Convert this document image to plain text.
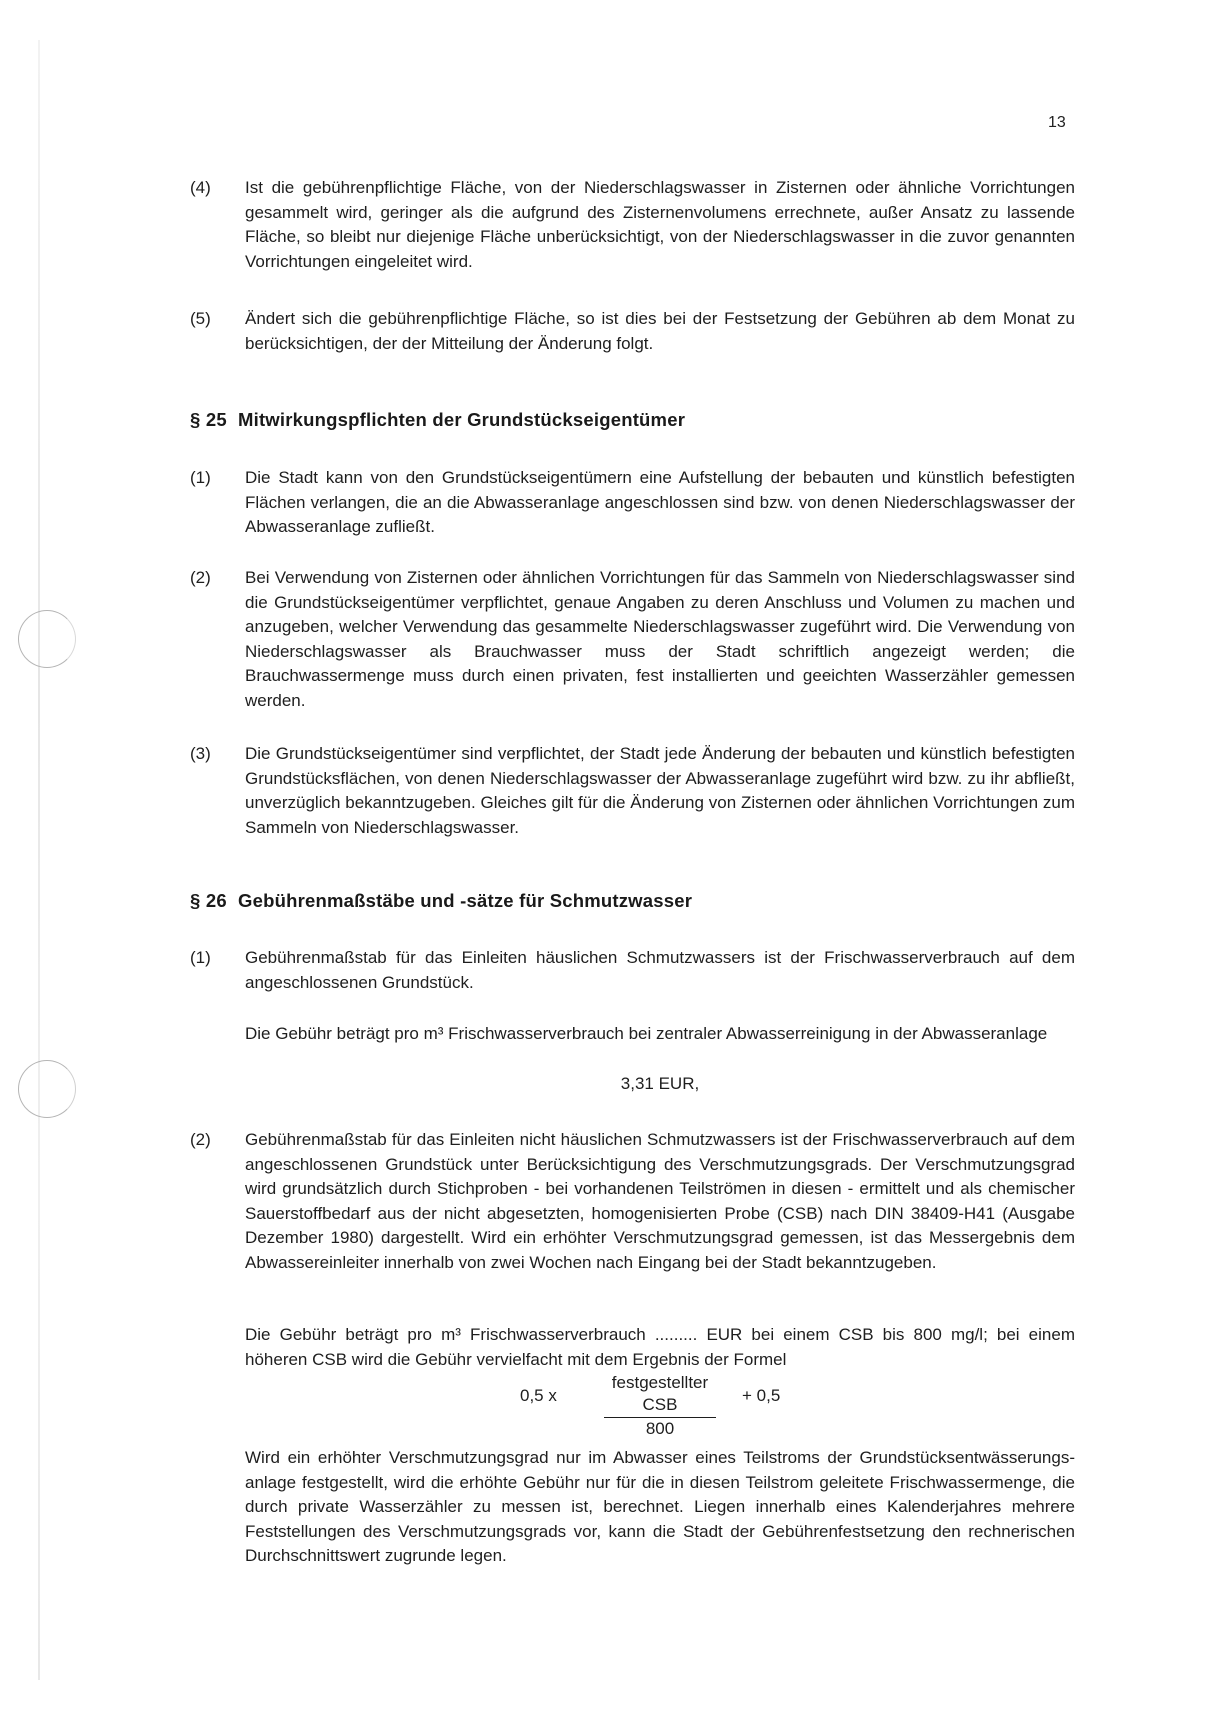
13
(4) Ist die gebührenpflichtige Fläche, von der Niederschlagswasser in Zisternen oder ähnliche Vorrichtungen gesammelt wird, geringer als die aufgrund des Zisternenvolumens errechnete, außer Ansatz zu lassende Fläche, so bleibt nur diejenige Fläche unberücksichtigt, von der Niederschlagswasser in die zuvor genannten Vorrichtungen eingeleitet wird.
(5) Ändert sich die gebührenpflichtige Fläche, so ist dies bei der Festsetzung der Gebühren ab dem Monat zu berücksichtigen, der der Mitteilung der Änderung folgt.
§ 25 Mitwirkungspflichten der Grundstückseigentümer
(1) Die Stadt kann von den Grundstückseigentümern eine Aufstellung der bebauten und künstlich befestigten Flächen verlangen, die an die Abwasseranlage angeschlossen sind bzw. von denen Niederschlagswasser der Abwasseranlage zufließt.
(2) Bei Verwendung von Zisternen oder ähnlichen Vorrichtungen für das Sammeln von Niederschlagswasser sind die Grundstückseigentümer verpflichtet, genaue Angaben zu deren Anschluss und Volumen zu machen und anzugeben, welcher Verwendung das gesammelte Niederschlagswasser zugeführt wird. Die Verwendung von Niederschlagswasser als Brauchwasser muss der Stadt schriftlich angezeigt werden; die Brauchwassermenge muss durch einen privaten, fest installierten und geeichten Wasserzähler gemessen werden.
(3) Die Grundstückseigentümer sind verpflichtet, der Stadt jede Änderung der bebauten und künstlich befestigten Grundstücksflächen, von denen Niederschlagswasser der Abwasseranlage zugeführt wird bzw. zu ihr abfließt, unverzüglich bekanntzugeben. Gleiches gilt für die Änderung von Zisternen oder ähnlichen Vorrichtungen zum Sammeln von Niederschlagswasser.
§ 26 Gebührenmaßstäbe und -sätze für Schmutzwasser
(1) Gebührenmaßstab für das Einleiten häuslichen Schmutzwassers ist der Frischwasserverbrauch auf dem angeschlossenen Grundstück.
Die Gebühr beträgt pro m³ Frischwasserverbrauch bei zentraler Abwasserreinigung in der Abwasseranlage
3,31 EUR,
(2) Gebührenmaßstab für das Einleiten nicht häuslichen Schmutzwassers ist der Frischwasserverbrauch auf dem angeschlossenen Grundstück unter Berücksichtigung des Verschmutzungsgrads. Der Verschmutzungsgrad wird grundsätzlich durch Stichproben - bei vorhandenen Teilströmen in diesen - ermittelt und als chemischer Sauerstoffbedarf aus der nicht abgesetzten, homogenisierten Probe (CSB) nach DIN 38409-H41 (Ausgabe Dezember 1980) dargestellt. Wird ein erhöhter Verschmutzungsgrad gemessen, ist das Messergebnis dem Abwassereinleiter innerhalb von zwei Wochen nach Eingang bei der Stadt bekanntzugeben.
Die Gebühr beträgt pro m³ Frischwasserverbrauch ......... EUR bei einem CSB bis 800 mg/l; bei einem höheren CSB wird die Gebühr vervielfacht mit dem Ergebnis der Formel
0,5 x
festgestellter CSB
800
+ 0,5
Wird ein erhöhter Verschmutzungsgrad nur im Abwasser eines Teilstroms der Grundstücksentwässerungs-anlage festgestellt, wird die erhöhte Gebühr nur für die in diesen Teilstrom geleitete Frischwassermenge, die durch private Wasserzähler zu messen ist, berechnet. Liegen innerhalb eines Kalenderjahres mehrere Feststellungen des Verschmutzungsgrads vor, kann die Stadt der Gebührenfestsetzung den rechnerischen Durchschnittswert zugrunde legen.
